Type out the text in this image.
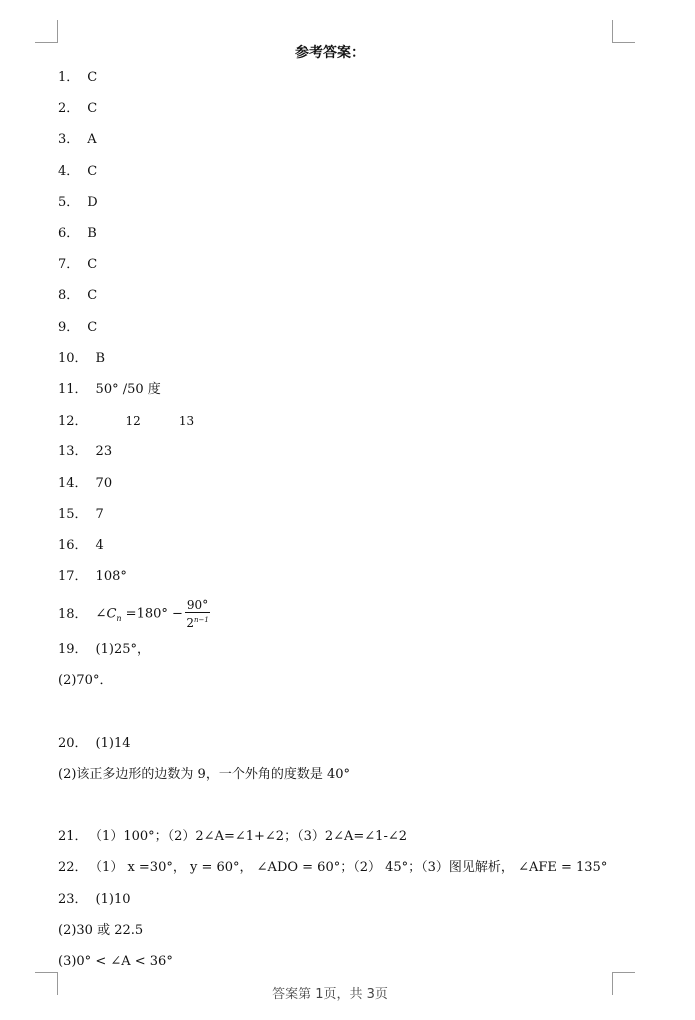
参考答案：
1． C
2． C
3． A
4． C
5． D
6． B
7． C
8． C
9． C
10． B
11． 50° /50 度
12．	12	13
13． 23
14． 70
15． 7
16． 4
17． 108°
18． $\angle C_n =180^\circ - \frac{90^\circ}{2^{n-1}}$
19． (1)25°，
(2)70°．
20． (1)14
(2)该正多边形的边数为 9，一个外角的度数是 40°
21． （1）100°；（2）2∠A=∠1+∠2；（3）2∠A=∠1-∠2
22． （1） x =30°， y = 60°， ∠ADO = 60°；（2） 45°；（3）图见解析， ∠AFE = 135°
23． (1)10
(2)30 或 22.5
(3)0° < ∠A < 36°
答案第 1页，共 3页
